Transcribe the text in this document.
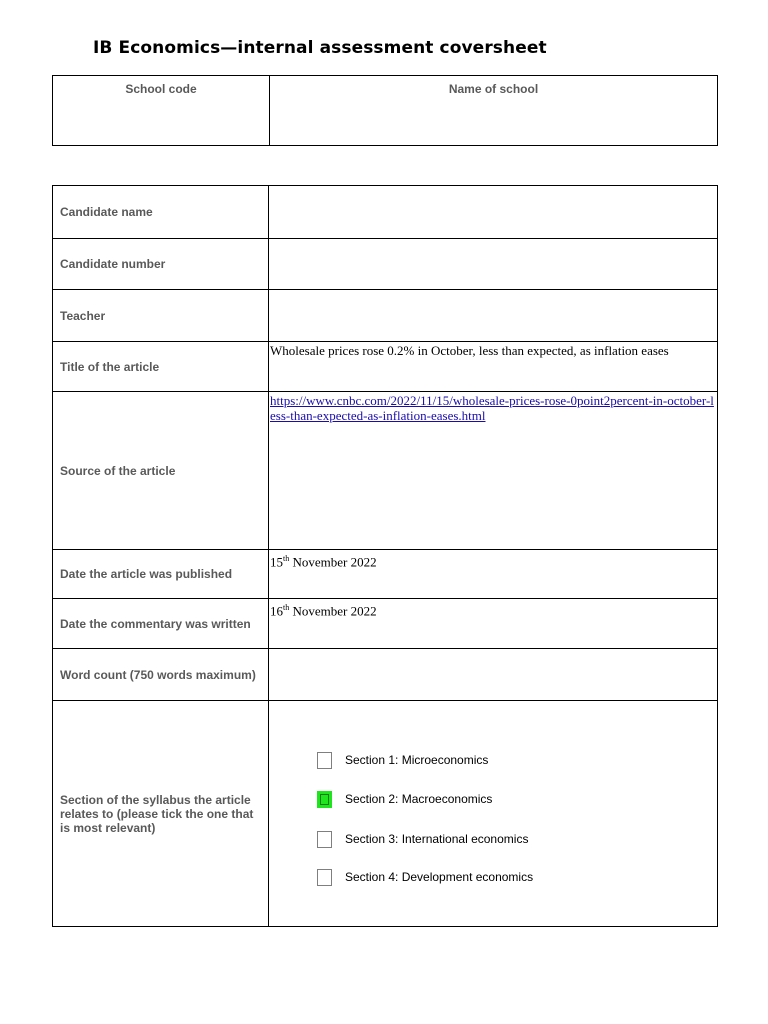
IB Economics—internal assessment coversheet
School code	Name of school
Candidate name	
Candidate number	
Teacher	
Title of the article	Wholesale prices rose 0.2% in October, less than expected, as inflation eases
Source of the article	https://www.cnbc.com/2022/11/15/wholesale-prices-rose-0point2percent-in-october-less-than-expected-as-inflation-eases.html
Date the article was published	15th November 2022
Date the commentary was written	16th November 2022
Word count (750 words maximum)	
Section of the syllabus the article relates to (please tick the one that is most relevant)	Section 1: Microeconomics
Section 2: Macroeconomics
Section 3: International economics
Section 4: Development economics
